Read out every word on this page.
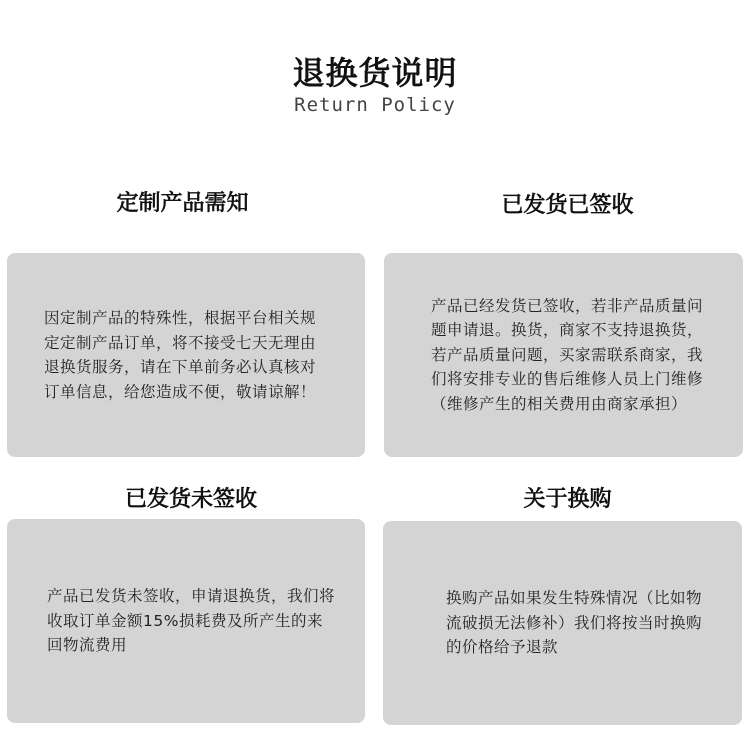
退换货说明
Return Policy
定制产品需知
因定制产品的特殊性，根据平台相关规定定制产品订单，将不接受七天无理由退换货服务，请在下单前务必认真核对订单信息，给您造成不便，敬请谅解！
已发货已签收
产品已经发货已签收，若非产品质量问题申请退。换货，商家不支持退换货，若产品质量问题，买家需联系商家，我们将安排专业的售后维修人员上门维修（维修产生的相关费用由商家承担）
已发货未签收
产品已发货未签收，申请退换货，我们将收取订单金额15%损耗费及所产生的来回物流费用
关于换购
换购产品如果发生特殊情况（比如物流破损无法修补）我们将按当时换购的价格给予退款
